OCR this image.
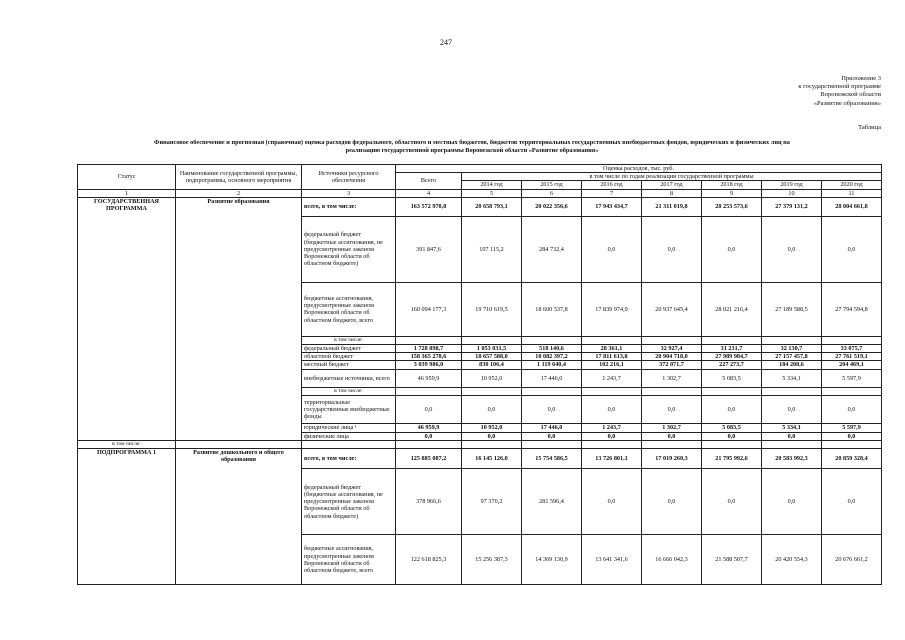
247
Приложение 3
к государственной программе
Воронежской области
«Развитие образования»
Таблица
Финансовое обеспечение и прогнозная (справочная) оценка расходов федерального, областного и местных бюджетов, бюджетов территориальных государственных внебюджетных фондов, юридических и физических лиц на
реализацию государственной программы Воронежской области «Развитие образования»
Статус	Наименование государственной программы, подпрограммы, основного мероприятия	Источники ресурсного обеспечения	Оценка расходов, тыс. руб.							
			Всего	в том числе по годам реализации государственной программы						
				2014 год	2015 год	2016 год	2017 год	2018 год	2019 год	2020 год
1	2	3	4	5	6	7	8	9	10	11
ГОСУДАРСТВЕННАЯ ПРОГРАММА	Развитие образования	всего, в том числе:	163 572 970,8	20 658 793,1	20 022 356,6	17 943 434,7	21 311 019,8	28 253 573,6	27 379 131,2	28 004 661,8
		федеральный бюджет (бюджетные ассигнования, не предусмотренные законом Воронежской области об областном бюджете)	391 847,6	107 115,2	284 732,4	0,0	0,0	0,0	0,0	0,0
		бюджетные ассигнования, предусмотренные законом Воронежской области об областном бюджете, всего	160 094 177,3	19 710 619,5	18 600 537,8	17 839 974,9	20 937 645,4	28 021 216,4	27 189 588,5	27 794 594,8
		в том числе:								
		федеральный бюджет	1 728 898,7	1 053 031,5	518 140,6	28 361,1	32 927,4	31 231,7	32 130,7	33 075,7
		областной бюджет	158 365 278,6	18 657 588,0	18 082 397,2	17 811 613,8	20 904 718,0	27 989 984,7	27 157 457,8	27 761 519,1
		местный бюджет	3 039 986,0	830 106,4	1 119 640,4	102 216,1	372 071,7	227 273,7	184 208,6	204 469,1
		внебюджетные источники, всего	46 959,9	10 952,0	17 446,0	1 243,7	1 302,7	5 083,5	5 334,1	5 597,9
		в том числе:								
		территориальные государственные внебюджетные фонды	0,0	0,0	0,0	0,0	0,0	0,0	0,0	0,0
		юридические лица ¹	46 959,9	10 952,0	17 446,0	1 243,7	1 302,7	5 083,5	5 334,1	5 597,9
		физические лица	0,0	0,0	0,0	0,0	0,0	0,0	0,0	0,0
в том числе:										
ПОДПРОГРАММА 1	Развитие дошкольного и общего образования	всего, в том числе:	125 885 087,2	16 145 126,0	15 754 586,5	13 726 801,1	17 019 260,3	21 795 992,6	20 583 992,3	20 859 328,4
		федеральный бюджет (бюджетные ассигнования, не предусмотренные законом Воронежской области об областном бюджете)	378 966,6	97 370,2	281 596,4	0,0	0,0	0,0	0,0	0,0
		бюджетные ассигнования, предусмотренные законом Воронежской области об областном бюджете, всего	122 618 825,3	15 256 387,3	14 369 130,9	13 641 341,6	16 666 042,3	21 588 507,7	20 420 554,3	20 676 661,2
